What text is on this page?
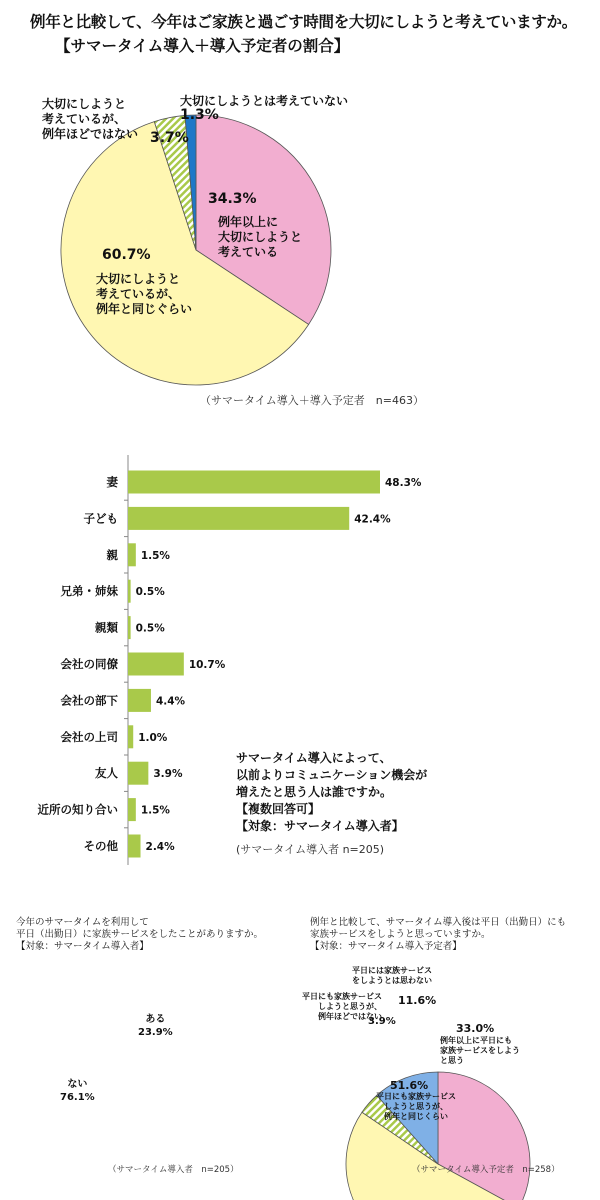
例年と比較して、今年はご家族と過ごす時間を大切にしようと考えていますか。
【サマータイム導入＋導入予定者の割合】
34.3%
例年以上に
大切にしようと
考えている
60.7%
大切にしようと
考えているが、
例年と同じぐらい
大切にしようと
考えているが、
例年ほどではない 3.7%
大切にしようとは考えていない
1.3%
（サマータイム導入＋導入予定者　n=463）
妻	48.3%
子ども	42.4%
親 1.5%
兄弟・姉妹 0.5%
親類 0.5%
会社の同僚	10.7%
会社の部下	4.4%
会社の上司 1.0%
友人	3.9%
近所の知り合い 1.5%
その他	2.4%
サマータイム導入によって、
以前よりコミュニケーション機会が
増えたと思う人は誰ですか。
【複数回答可】
【対象：サマータイム導入者】
(サマータイム導入者 n=205)
今年のサマータイムを利用して
平日（出勤日）に家族サービスをしたことがありますか。
【対象：サマータイム導入者】
ある
23.9%
ない
76.1%
（サマータイム導入者　n=205）
例年と比較して、サマータイム導入後は平日（出勤日）にも
家族サービスをしようと思っていますか。
【対象：サマータイム導入予定者】
33.0%
例年以上に平日にも
家族サービスをしよう
と思う
51.6%
平日にも家族サービス
しようと思うが、
例年と同じくらい
平日にも家族サービス
しようと思うが、
例年ほどではない
3.9%
平日には家族サービス
をしようとは思わない
11.6%
（サマータイム導入予定者　n=258）
